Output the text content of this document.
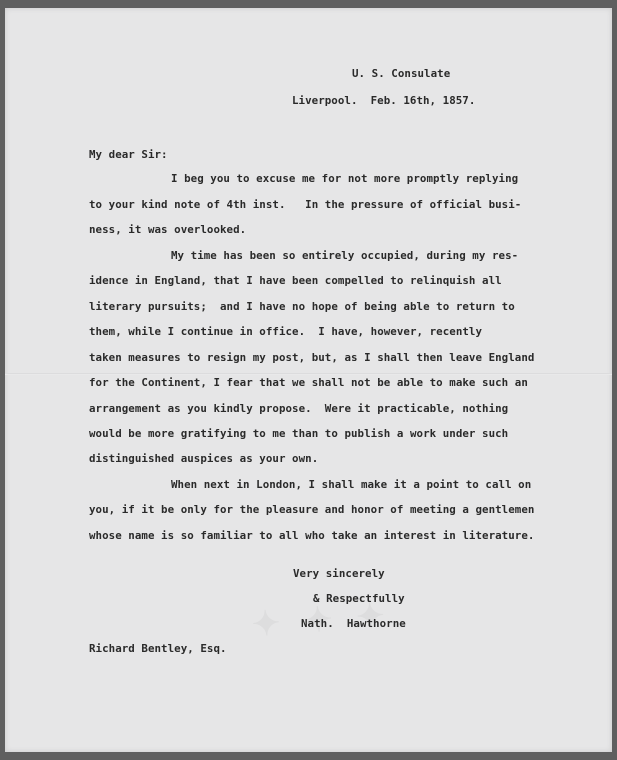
U. S. Consulate
Liverpool.  Feb. 16th, 1857.
My dear Sir:
I beg you to excuse me for not more promptly replying
to your kind note of 4th inst.   In the pressure of official busi-
ness, it was overlooked.
My time has been so entirely occupied, during my res-
idence in England, that I have been compelled to relinquish all
literary pursuits;  and I have no hope of being able to return to
them, while I continue in office.  I have, however, recently
taken measures to resign my post, but, as I shall then leave England
for the Continent, I fear that we shall not be able to make such an
arrangement as you kindly propose.  Were it practicable, nothing
would be more gratifying to me than to publish a work under such
distinguished auspices as your own.
When next in London, I shall make it a point to call on
you, if it be only for the pleasure and honor of meeting a gentlemen
whose name is so familiar to all who take an interest in literature.
Very sincerely
& Respectfully
Nath.  Hawthorne
Richard Bentley, Esq.
